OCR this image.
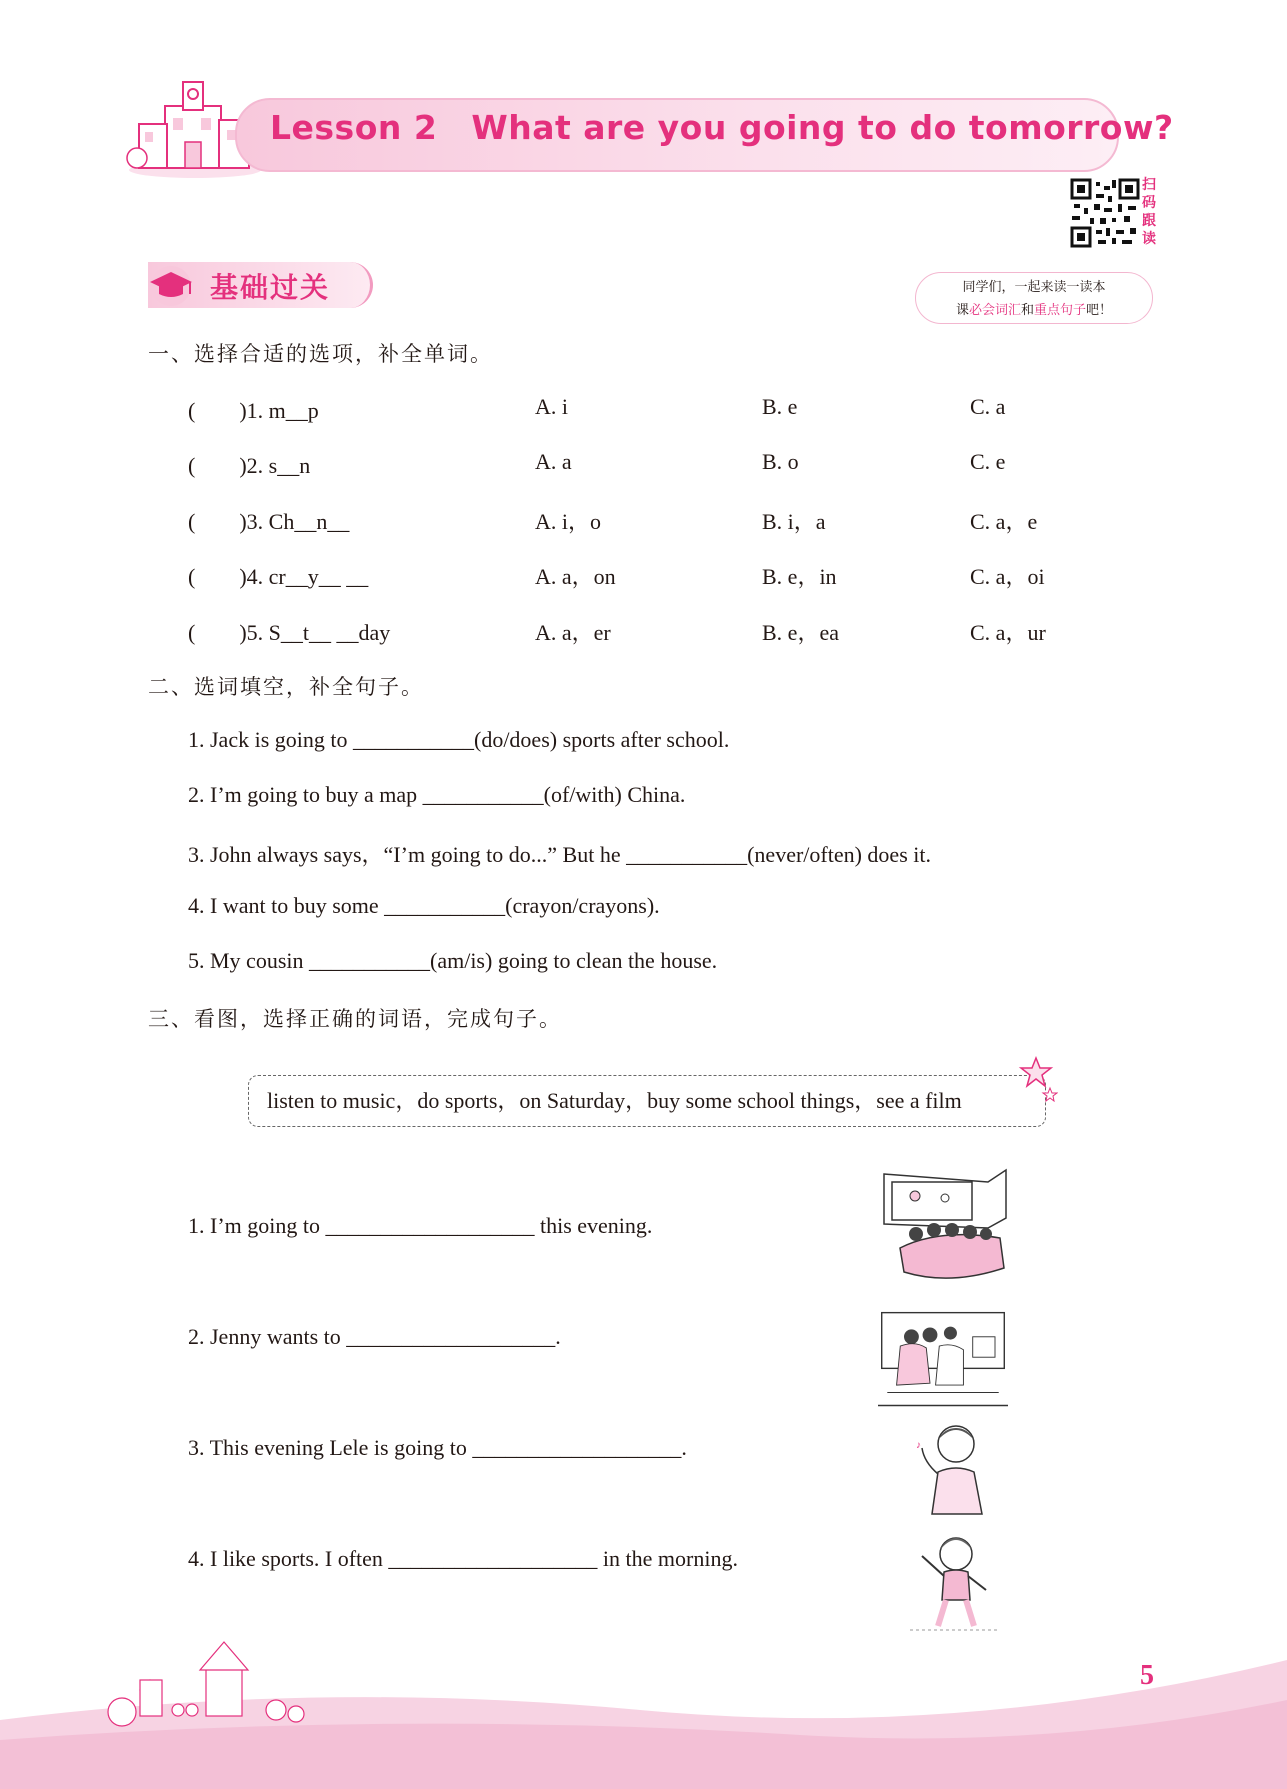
Lesson 2 What are you going to do tomorrow?
扫码跟读
基础过关	同学们，一起来读一读本
课必会词汇和重点句子吧！
一、选择合适的选项，补全单词。
(　　)1. m__p	A. i	B. e	C. a
(　　)2. s__n	A. a	B. o	C. e
(　　)3. Ch__n__	A. i，o	B. i，a	C. a，e
(　　)4. cr__y__ __	A. a，on	B. e，in	C. a，oi
(　　)5. S__t__ __day	A. a，er	B. e，ea	C. a，ur
二、选词填空，补全句子。
1. Jack is going to ___________(do/does) sports after school.
2. I’m going to buy a map ___________(of/with) China.
3. John always says，“I’m going to do...” But he ___________(never/often) does it.
4. I want to buy some ___________(crayon/crayons).
5. My cousin ___________(am/is) going to clean the house.
三、看图，选择正确的词语，完成句子。
listen to music，do sports，on Saturday，buy some school things，see a film
1. I’m going to ___________________ this evening.
2. Jenny wants to ___________________.
3. This evening Lele is going to ___________________.
4. I like sports. I often ___________________ in the morning.
♪
5
